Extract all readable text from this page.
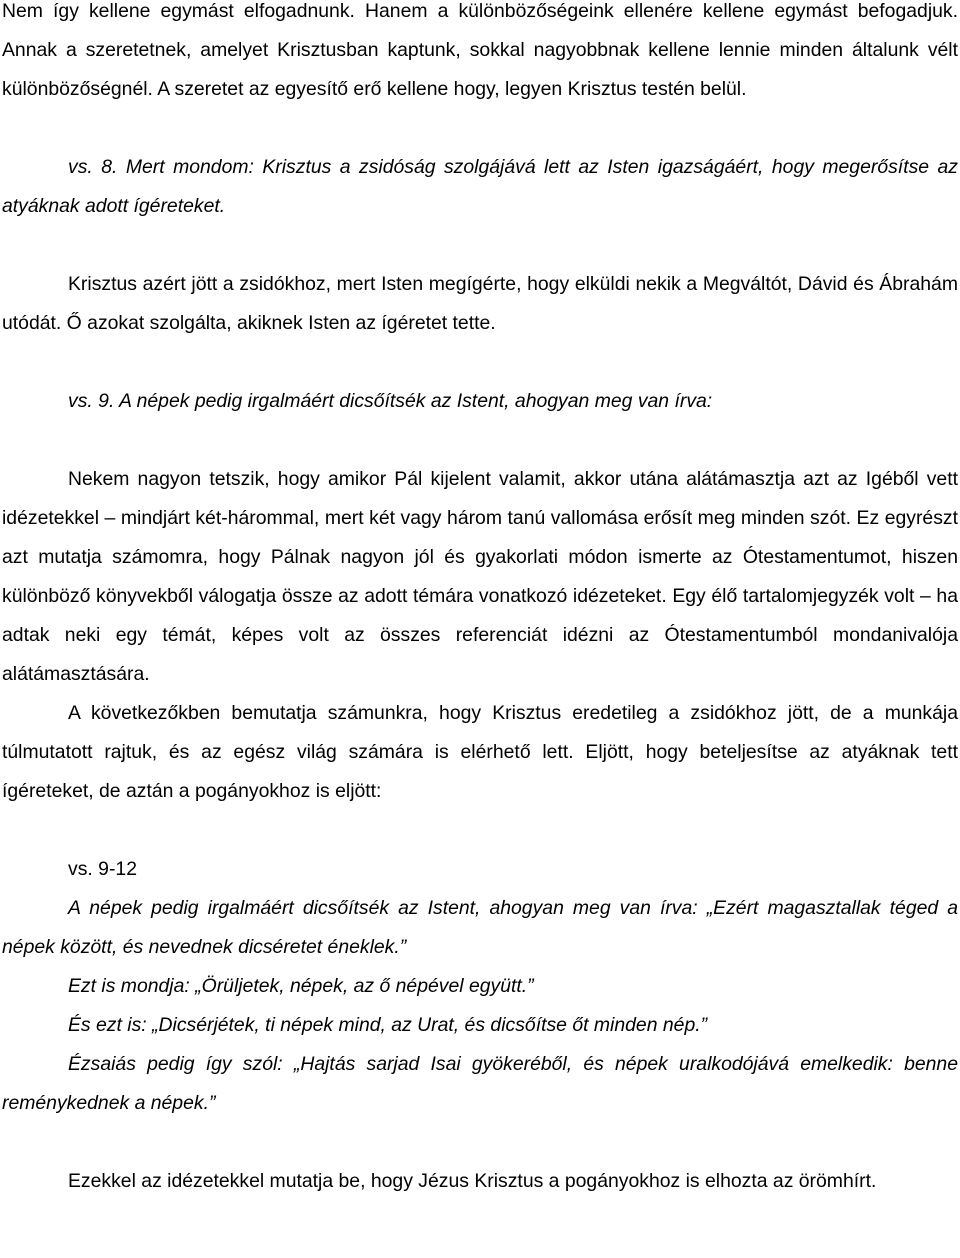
Nem így kellene egymást elfogadnunk. Hanem a különbözőségeink ellenére kellene egymást befogadjuk. Annak a szeretetnek, amelyet Krisztusban kaptunk, sokkal nagyobbnak kellene lennie minden általunk vélt különbözőségnél. A szeretet az egyesítő erő kellene hogy, legyen Krisztus testén belül.

vs. 8. Mert mondom: Krisztus a zsidóság szolgájává lett az Isten igazságáért, hogy megerősítse az atyáknak adott ígéreteket.

Krisztus azért jött a zsidókhoz, mert Isten megígérte, hogy elküldi nekik a Megváltót, Dávid és Ábrahám utódát. Ő azokat szolgálta, akiknek Isten az ígéretet tette.

vs. 9. A népek pedig irgalmáért dicsőítsék az Istent, ahogyan meg van írva:

Nekem nagyon tetszik, hogy amikor Pál kijelent valamit, akkor utána alátámasztja azt az Igéből vett idézetekkel – mindjárt két-hárommal, mert két vagy három tanú vallomása erősít meg minden szót. Ez egyrészt azt mutatja számomra, hogy Pálnak nagyon jól és gyakorlati módon ismerte az Ótestamentumot, hiszen különböző könyvekből válogatja össze az adott témára vonatkozó idézeteket. Egy élő tartalomjegyzék volt – ha adtak neki egy témát, képes volt az összes referenciát idézni az Ótestamentumból mondanivalója alátámasztására.

A következőkben bemutatja számunkra, hogy Krisztus eredetileg a zsidókhoz jött, de a munkája túlmutatott rajtuk, és az egész világ számára is elérhető lett. Eljött, hogy beteljesítse az atyáknak tett ígéreteket, de aztán a pogányokhoz is eljött:

vs. 9-12

A népek pedig irgalmáért dicsőítsék az Istent, ahogyan meg van írva: „Ezért magasztallak téged a népek között, és nevednek dicséretet éneklek.”

Ezt is mondja: „Örüljetek, népek, az ő népével együtt.”

És ezt is: „Dicsérjétek, ti népek mind, az Urat, és dicsőítse őt minden nép.”

Ézsaiás pedig így szól: „Hajtás sarjad Isai gyökeréből, és népek uralkodójává emelkedik: benne reménykednek a népek.”

Ezekkel az idézetekkel mutatja be, hogy Jézus Krisztus a pogányokhoz is elhozta az örömhírt.
